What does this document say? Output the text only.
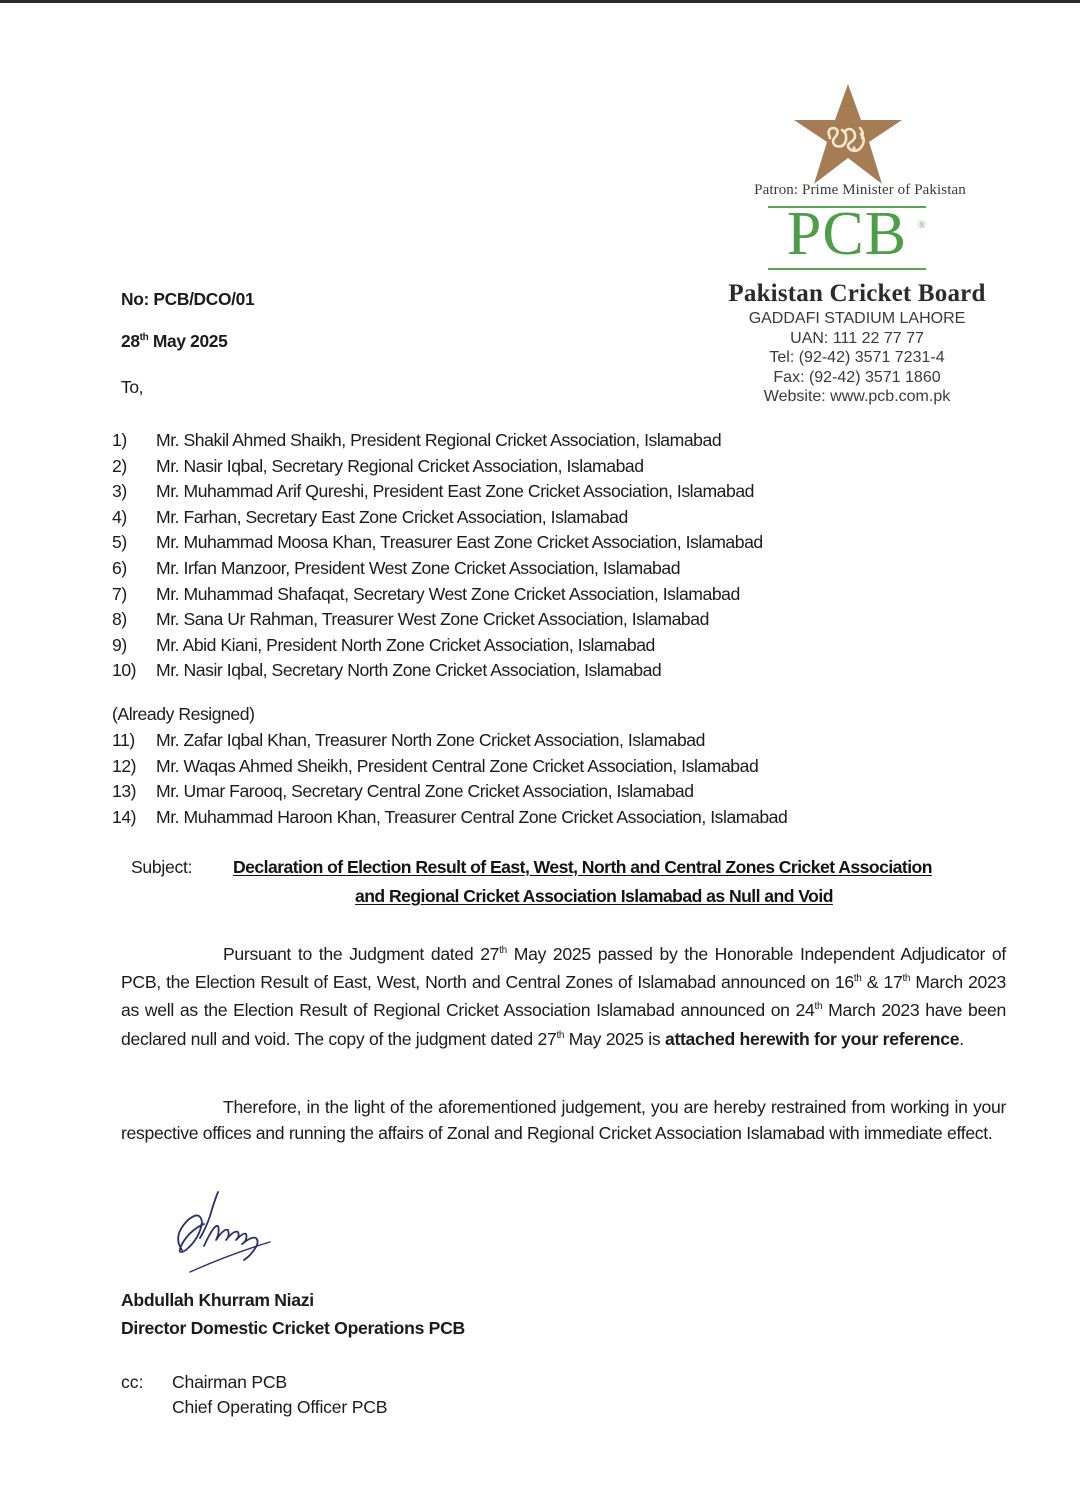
Patron: Prime Minister of Pakistan
PCB	®
Pakistan Cricket Board
GADDAFI STADIUM LAHORE
UAN: 111 22 77 77
Tel: (92-42) 3571 7231-4
Fax: (92-42) 3571 1860
Website: www.pcb.com.pk
No: PCB/DCO/01
28th May 2025
To,
1) Mr. Shakil Ahmed Shaikh, President Regional Cricket Association, Islamabad
2) Mr. Nasir Iqbal, Secretary Regional Cricket Association, Islamabad
3) Mr. Muhammad Arif Qureshi, President East Zone Cricket Association, Islamabad
4) Mr. Farhan, Secretary East Zone Cricket Association, Islamabad
5) Mr. Muhammad Moosa Khan, Treasurer East Zone Cricket Association, Islamabad
6) Mr. Irfan Manzoor, President West Zone Cricket Association, Islamabad
7) Mr. Muhammad Shafaqat, Secretary West Zone Cricket Association, Islamabad
8) Mr. Sana Ur Rahman, Treasurer West Zone Cricket Association, Islamabad
9) Mr. Abid Kiani, President North Zone Cricket Association, Islamabad
10) Mr. Nasir Iqbal, Secretary North Zone Cricket Association, Islamabad
(Already Resigned)
11) Mr. Zafar Iqbal Khan, Treasurer North Zone Cricket Association, Islamabad
12) Mr. Waqas Ahmed Sheikh, President Central Zone Cricket Association, Islamabad
13) Mr. Umar Farooq, Secretary Central Zone Cricket Association, Islamabad
14) Mr. Muhammad Haroon Khan, Treasurer Central Zone Cricket Association, Islamabad
Subject: Declaration of Election Result of East, West, North and Central Zones Cricket Association
and Regional Cricket Association Islamabad as Null and Void
Pursuant to the Judgment dated 27th May 2025 passed by the Honorable Independent Adjudicator of PCB, the Election Result of East, West, North and Central Zones of Islamabad announced on 16th & 17th March 2023 as well as the Election Result of Regional Cricket Association Islamabad announced on 24th March 2023 have been declared null and void. The copy of the judgment dated 27th May 2025 is attached herewith for your reference.
Therefore, in the light of the aforementioned judgement, you are hereby restrained from working in your respective offices and running the affairs of Zonal and Regional Cricket Association Islamabad with immediate effect.
Abdullah Khurram Niazi
Director Domestic Cricket Operations PCB
cc: Chairman PCB
Chief Operating Officer PCB
